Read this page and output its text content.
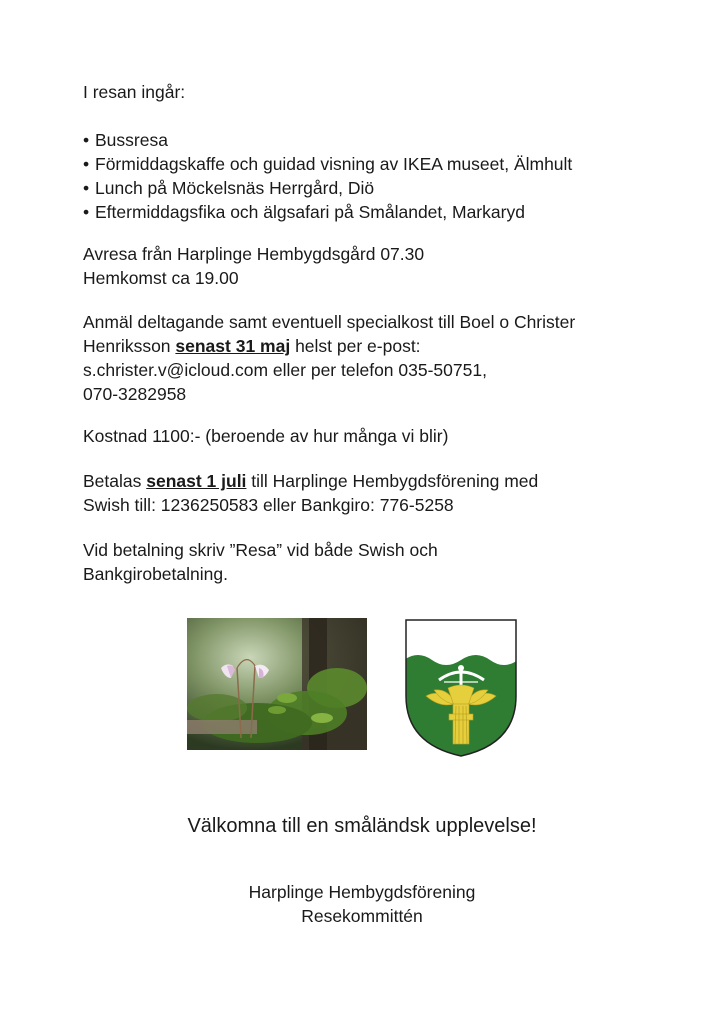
I resan ingår:
• Bussresa
• Förmiddagskaffe och guidad visning av IKEA museet, Älmhult
• Lunch på Möckelsnäs Herrgård, Diö
• Eftermiddagsfika och älgsafari på Smålandet, Markaryd
Avresa från Harplinge Hembygdsgård 07.30
Hemkomst ca 19.00
Anmäl deltagande samt eventuell specialkost till Boel o Christer
Henriksson senast 31 maj helst per e-post:
s.christer.v@icloud.com eller per telefon 035-50751,
070-3282958
Kostnad 1100:- (beroende av hur många vi blir)
Betalas senast 1 juli till Harplinge Hembygdsförening med
Swish till: 1236250583 eller Bankgiro: 776-5258
Vid betalning skriv ”Resa” vid både Swish och
Bankgirobetalning.
Välkomna till en småländsk upplevelse!
Harplinge Hembygdsförening
Resekommittén
